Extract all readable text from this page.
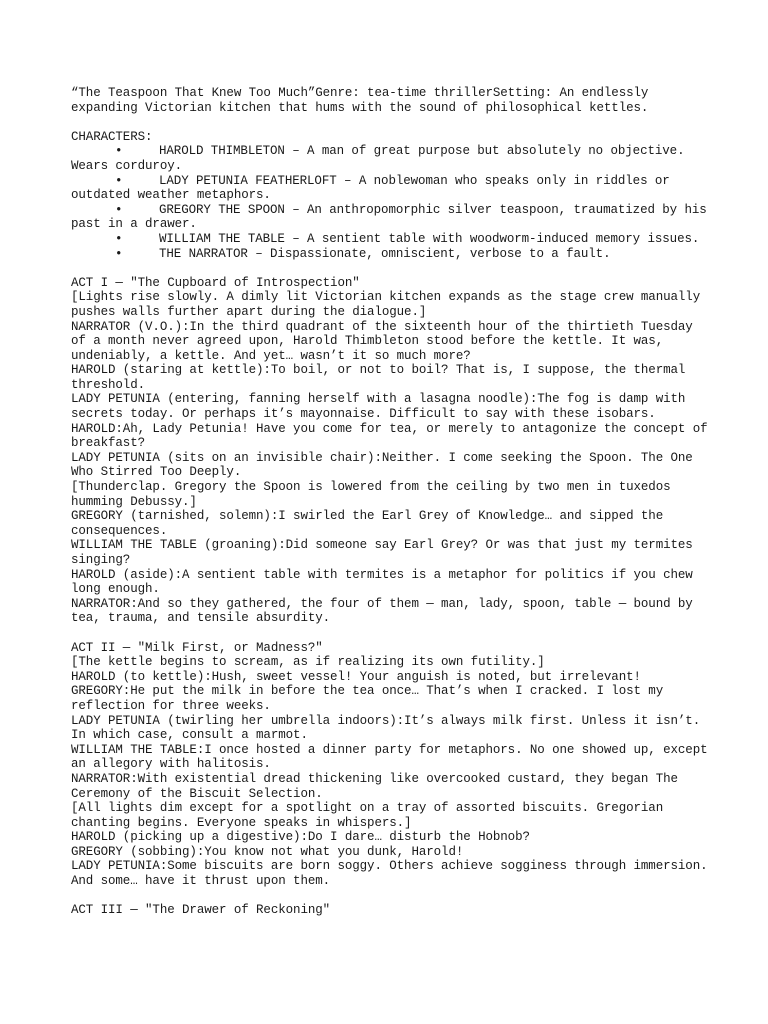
“The Teaspoon That Knew Too Much”Genre: tea-time thrillerSetting: An endlessly expanding Victorian kitchen that hums with the sound of philosophical kettles.

CHARACTERS:

•	HAROLD THIMBLETON – A man of great purpose but absolutely no objective. Wears corduroy.

•	LADY PETUNIA FEATHERLOFT – A noblewoman who speaks only in riddles or outdated weather metaphors.

•	GREGORY THE SPOON – An anthropomorphic silver teaspoon, traumatized by his past in a drawer.

•	WILLIAM THE TABLE – A sentient table with woodworm-induced memory issues.

•	THE NARRATOR – Dispassionate, omniscient, verbose to a fault.

ACT I — "The Cupboard of Introspection"

[Lights rise slowly. A dimly lit Victorian kitchen expands as the stage crew manually pushes walls further apart during the dialogue.]

NARRATOR (V.O.):In the third quadrant of the sixteenth hour of the thirtieth Tuesday of a month never agreed upon, Harold Thimbleton stood before the kettle. It was, undeniably, a kettle. And yet… wasn’t it so much more?

HAROLD (staring at kettle):To boil, or not to boil? That is, I suppose, the thermal threshold.

LADY PETUNIA (entering, fanning herself with a lasagna noodle):The fog is damp with secrets today. Or perhaps it’s mayonnaise. Difficult to say with these isobars.

HAROLD:Ah, Lady Petunia! Have you come for tea, or merely to antagonize the concept of breakfast?

LADY PETUNIA (sits on an invisible chair):Neither. I come seeking the Spoon. The One Who Stirred Too Deeply.

[Thunderclap. Gregory the Spoon is lowered from the ceiling by two men in tuxedos humming Debussy.]

GREGORY (tarnished, solemn):I swirled the Earl Grey of Knowledge… and sipped the consequences.

WILLIAM THE TABLE (groaning):Did someone say Earl Grey? Or was that just my termites singing?

HAROLD (aside):A sentient table with termites is a metaphor for politics if you chew long enough.

NARRATOR:And so they gathered, the four of them — man, lady, spoon, table — bound by tea, trauma, and tensile absurdity.

ACT II — "Milk First, or Madness?"

[The kettle begins to scream, as if realizing its own futility.]

HAROLD (to kettle):Hush, sweet vessel! Your anguish is noted, but irrelevant!

GREGORY:He put the milk in before the tea once… That’s when I cracked. I lost my reflection for three weeks.

LADY PETUNIA (twirling her umbrella indoors):It’s always milk first. Unless it isn’t. In which case, consult a marmot.

WILLIAM THE TABLE:I once hosted a dinner party for metaphors. No one showed up, except an allegory with halitosis.

NARRATOR:With existential dread thickening like overcooked custard, they began The Ceremony of the Biscuit Selection.

[All lights dim except for a spotlight on a tray of assorted biscuits. Gregorian chanting begins. Everyone speaks in whispers.]

HAROLD (picking up a digestive):Do I dare… disturb the Hobnob?

GREGORY (sobbing):You know not what you dunk, Harold!

LADY PETUNIA:Some biscuits are born soggy. Others achieve sogginess through immersion. And some… have it thrust upon them.

ACT III — "The Drawer of Reckoning"
